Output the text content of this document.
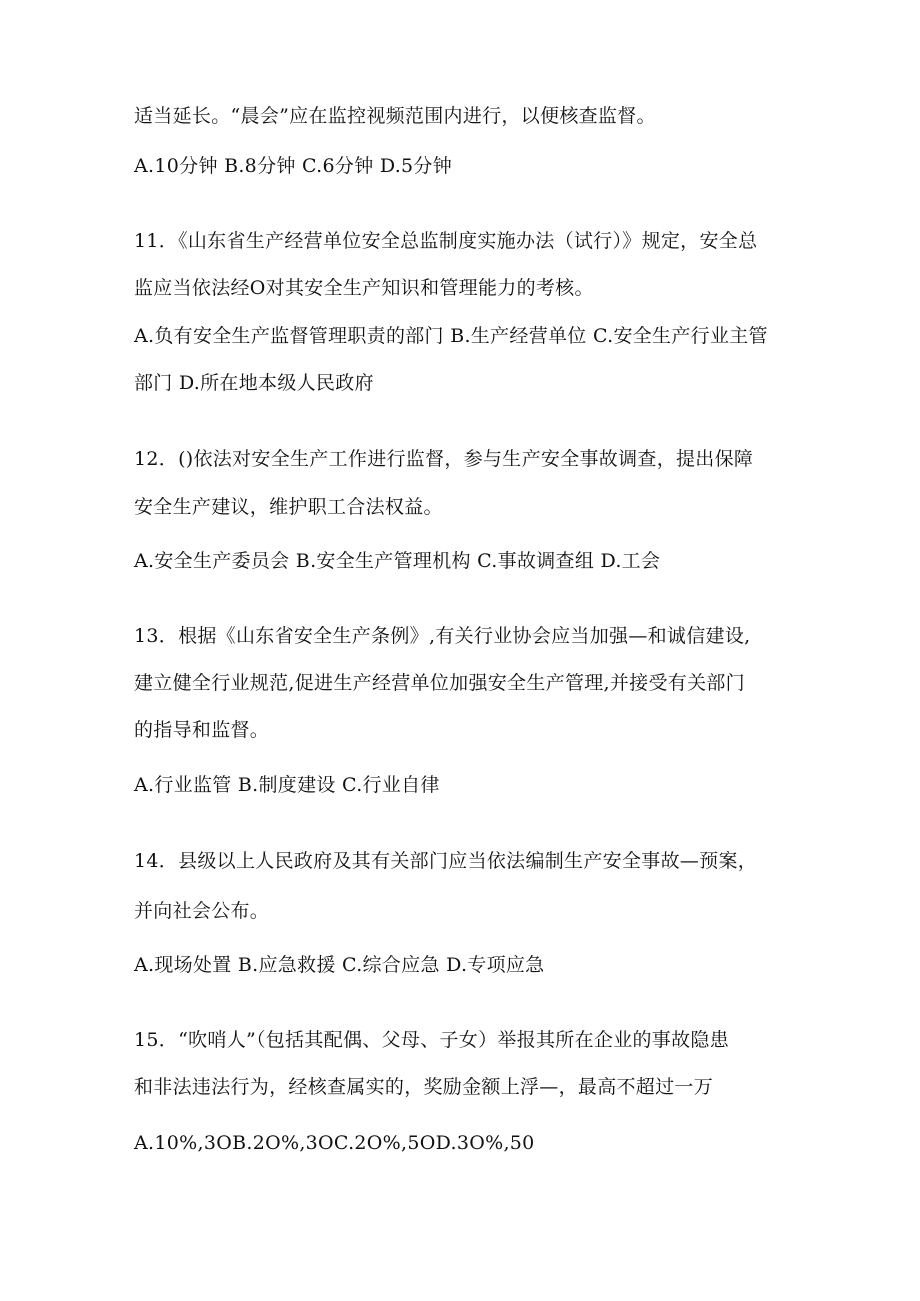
适当延长。“晨会”应在监控视频范围内进行，以便核查监督。
A.10分钟 B.8分钟 C.6分钟 D.5分钟
11．《山东省生产经营单位安全总监制度实施办法（试行）》规定，安全总
监应当依法经O对其安全生产知识和管理能力的考核。
A.负有安全生产监督管理职责的部门 B.生产经营单位 C.安全生产行业主管
部门 D.所在地本级人民政府
12．()依法对安全生产工作进行监督，参与生产安全事故调查，提出保障
安全生产建议，维护职工合法权益。
A.安全生产委员会 B.安全生产管理机构 C.事故调查组 D.工会
13．根据《山东省安全生产条例》,有关行业协会应当加强—和诚信建设,
建立健全行业规范,促进生产经营单位加强安全生产管理,并接受有关部门
的指导和监督。
A.行业监管 B.制度建设 C.行业自律
14．县级以上人民政府及其有关部门应当依法编制生产安全事故—预案，
并向社会公布。
A.现场处置 B.应急救援 C.综合应急 D.专项应急
15．“吹哨人”（包括其配偶、父母、子女）举报其所在企业的事故隐患
和非法违法行为，经核查属实的，奖励金额上浮—，最高不超过一万
A.10%,3OB.2O%,3OC.2O%,5OD.3O%,50
